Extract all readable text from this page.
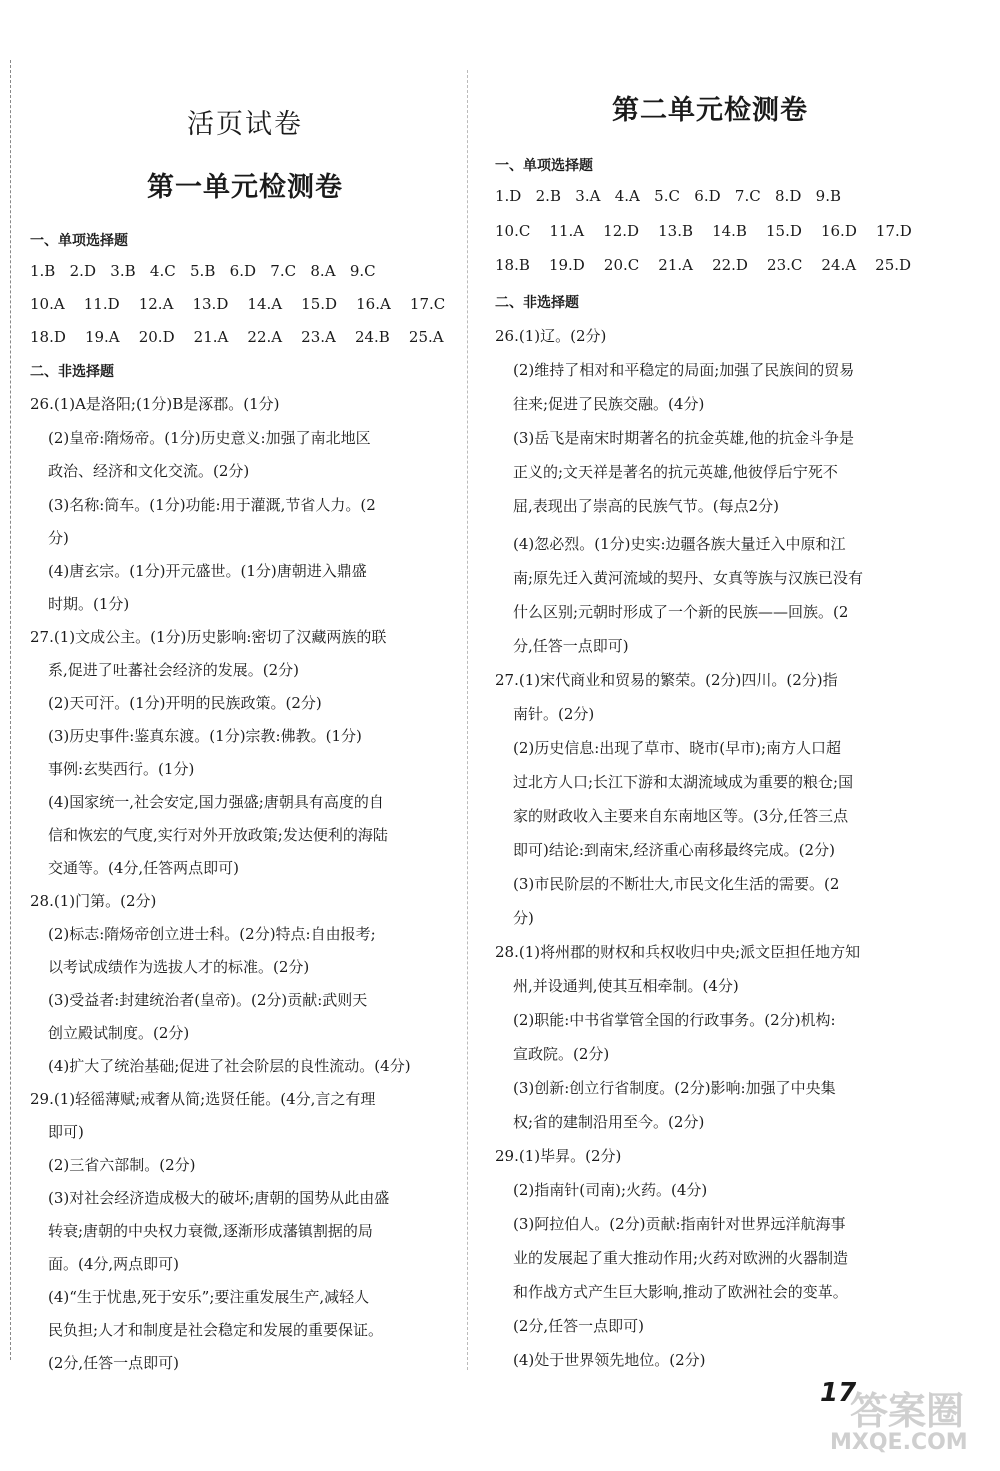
活页试卷
第一单元检测卷
一、单项选择题
1.B   2.D   3.B   4.C   5.B   6.D   7.C   8.A   9.C
10.A    11.D    12.A    13.D    14.A    15.D    16.A    17.C
18.D    19.A    20.D    21.A    22.A    23.A    24.B    25.A
二、非选择题
26.(1)A是洛阳;(1分)B是涿郡。(1分)
(2)皇帝:隋炀帝。(1分)历史意义:加强了南北地区
政治、经济和文化交流。(2分)
(3)名称:筒车。(1分)功能:用于灌溉,节省人力。(2
分)
(4)唐玄宗。(1分)开元盛世。(1分)唐朝进入鼎盛
时期。(1分)
27.(1)文成公主。(1分)历史影响:密切了汉藏两族的联
系,促进了吐蕃社会经济的发展。(2分)
(2)天可汗。(1分)开明的民族政策。(2分)
(3)历史事件:鉴真东渡。(1分)宗教:佛教。(1分)
事例:玄奘西行。(1分)
(4)国家统一,社会安定,国力强盛;唐朝具有高度的自
信和恢宏的气度,实行对外开放政策;发达便利的海陆
交通等。(4分,任答两点即可)
28.(1)门第。(2分)
(2)标志:隋炀帝创立进士科。(2分)特点:自由报考;
以考试成绩作为选拔人才的标准。(2分)
(3)受益者:封建统治者(皇帝)。(2分)贡献:武则天
创立殿试制度。(2分)
(4)扩大了统治基础;促进了社会阶层的良性流动。(4分)
29.(1)轻徭薄赋;戒奢从简;选贤任能。(4分,言之有理
即可)
(2)三省六部制。(2分)
(3)对社会经济造成极大的破坏;唐朝的国势从此由盛
转衰;唐朝的中央权力衰微,逐渐形成藩镇割据的局
面。(4分,两点即可)
(4)“生于忧患,死于安乐”;要注重发展生产,减轻人
民负担;人才和制度是社会稳定和发展的重要保证。
(2分,任答一点即可)
第二单元检测卷
一、单项选择题
1.D   2.B   3.A   4.A   5.C   6.D   7.C   8.D   9.B
10.C    11.A    12.D    13.B    14.B    15.D    16.D    17.D
18.B    19.D    20.C    21.A    22.D    23.C    24.A    25.D
二、非选择题
26.(1)辽。(2分)
(2)维持了相对和平稳定的局面;加强了民族间的贸易
往来;促进了民族交融。(4分)
(3)岳飞是南宋时期著名的抗金英雄,他的抗金斗争是
正义的;文天祥是著名的抗元英雄,他彼俘后宁死不
屈,表现出了崇高的民族气节。(每点2分)
(4)忽必烈。(1分)史实:边疆各族大量迁入中原和江
南;原先迁入黄河流域的契丹、女真等族与汉族已没有
什么区别;元朝时形成了一个新的民族——回族。(2
分,任答一点即可)
27.(1)宋代商业和贸易的繁荣。(2分)四川。(2分)指
南针。(2分)
(2)历史信息:出现了草市、晓市(早市);南方人口超
过北方人口;长江下游和太湖流域成为重要的粮仓;国
家的财政收入主要来自东南地区等。(3分,任答三点
即可)结论:到南宋,经济重心南移最终完成。(2分)
(3)市民阶层的不断壮大,市民文化生活的需要。(2
分)
28.(1)将州郡的财权和兵权收归中央;派文臣担任地方知
州,并设通判,使其互相牵制。(4分)
(2)职能:中书省掌管全国的行政事务。(2分)机构:
宣政院。(2分)
(3)创新:创立行省制度。(2分)影响:加强了中央集
权;省的建制沿用至今。(2分)
29.(1)毕昇。(2分)
(2)指南针(司南);火药。(4分)
(3)阿拉伯人。(2分)贡献:指南针对世界远洋航海事
业的发展起了重大推动作用;火药对欧洲的火器制造
和作战方式产生巨大影响,推动了欧洲社会的变革。
(2分,任答一点即可)
(4)处于世界领先地位。(2分)
17
答案圈
MXQE.COM
